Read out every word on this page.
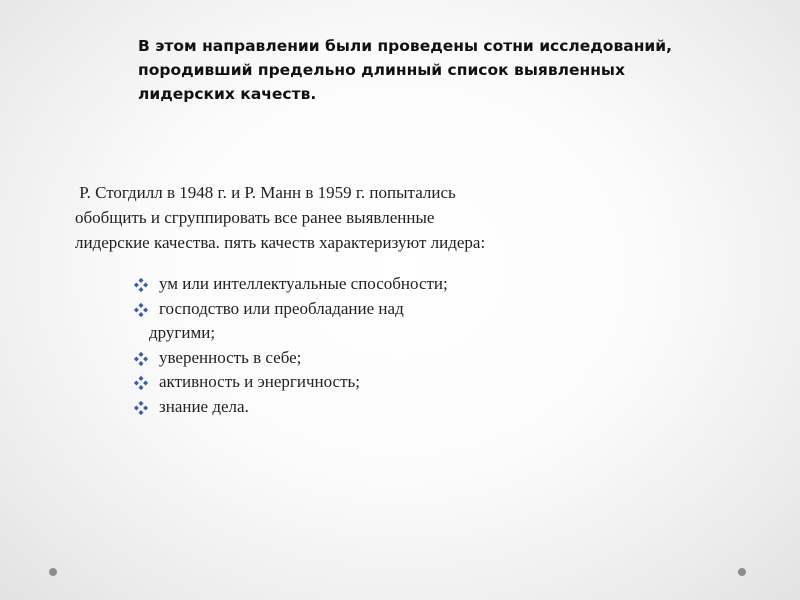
В этом направлении были проведены сотни исследований,
породивший предельно длинный список выявленных
лидерских качеств.
Р. Стогдилл в 1948 г. и Р. Манн в 1959 г. попытались
обобщить и сгруппировать все ранее выявленные
лидерские качества. пять качеств характеризуют лидера:
ум или интеллектуальные способности;
господство или преобладание над
другими;
уверенность в себе;
активность и энергичность;
знание дела.
